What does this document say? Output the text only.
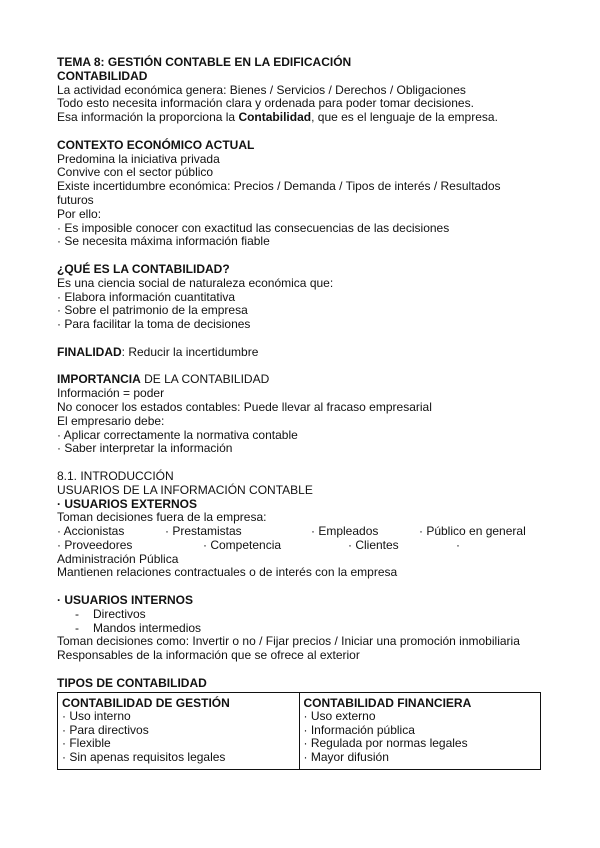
TEMA 8: GESTIÓN CONTABLE EN LA EDIFICACIÓN
CONTABILIDAD
La actividad económica genera: Bienes / Servicios / Derechos / Obligaciones
Todo esto necesita información clara y ordenada para poder tomar decisiones.
Esa información la proporciona la Contabilidad, que es el lenguaje de la empresa.
CONTEXTO ECONÓMICO ACTUAL
Predomina la iniciativa privada
Convive con el sector público
Existe incertidumbre económica: Precios / Demanda / Tipos de interés / Resultados
futuros
Por ello:
· Es imposible conocer con exactitud las consecuencias de las decisiones
· Se necesita máxima información fiable
¿QUÉ ES LA CONTABILIDAD?
Es una ciencia social de naturaleza económica que:
· Elabora información cuantitativa
· Sobre el patrimonio de la empresa
· Para facilitar la toma de decisiones
FINALIDAD: Reducir la incertidumbre
IMPORTANCIA DE LA CONTABILIDAD
Información = poder
No conocer los estados contables: Puede llevar al fracaso empresarial
El empresario debe:
· Aplicar correctamente la normativa contable
· Saber interpretar la información
8.1. INTRODUCCIÓN
USUARIOS DE LA INFORMACIÓN CONTABLE
· USUARIOS EXTERNOS
Toman decisiones fuera de la empresa:
· Accionistas	· Prestamistas	· Empleados	· Público en general
· Proveedores	· Competencia	· Clientes	·
Administración Pública
Mantienen relaciones contractuales o de interés con la empresa
· USUARIOS INTERNOS
-	Directivos
-	Mandos intermedios
Toman decisiones como: Invertir o no / Fijar precios / Iniciar una promoción inmobiliaria
Responsables de la información que se ofrece al exterior
TIPOS DE CONTABILIDAD
CONTABILIDAD DE GESTIÓN
· Uso interno
· Para directivos
· Flexible
· Sin apenas requisitos legales

CONTABILIDAD FINANCIERA
· Uso externo
· Información pública
· Regulada por normas legales
· Mayor difusión
